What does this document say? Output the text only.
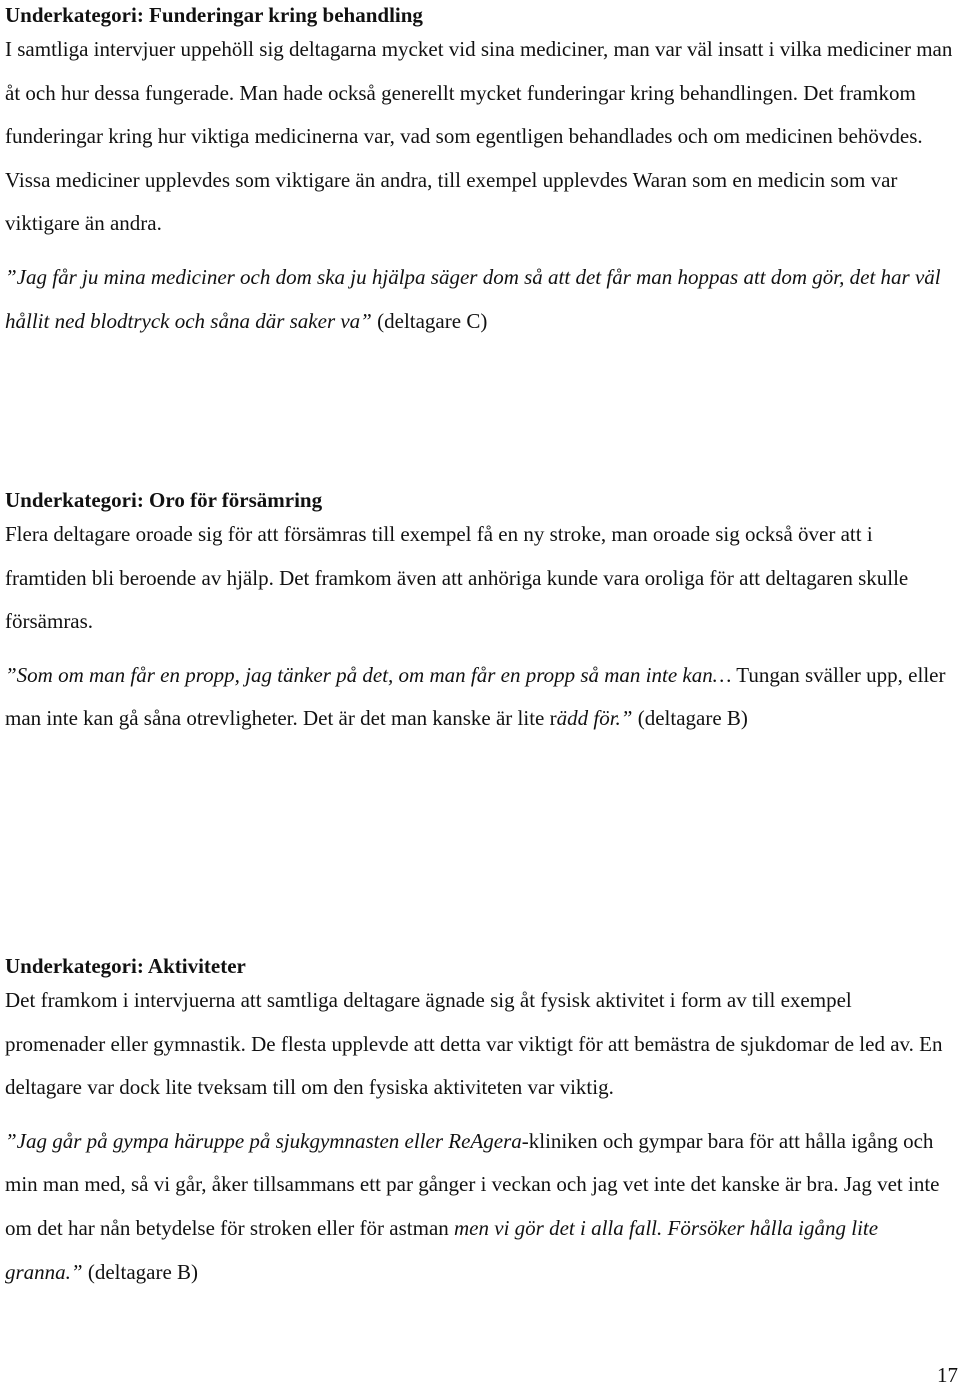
Underkategori: Funderingar kring behandling

I samtliga intervjuer uppehöll sig deltagarna mycket vid sina mediciner, man var väl insatt i vilka mediciner man åt och hur dessa fungerade. Man hade också generellt mycket funderingar kring behandlingen. Det framkom funderingar kring hur viktiga medicinerna var, vad som egentligen behandlades och om medicinen behövdes. Vissa mediciner upplevdes som viktigare än andra, till exempel upplevdes Waran som en medicin som var viktigare än andra.

”Jag får ju mina mediciner och dom ska ju hjälpa säger dom så att det får man hoppas att dom gör, det har väl hållit ned blodtryck och såna där saker va” (deltagare C)

Underkategori: Oro för försämring

Flera deltagare oroade sig för att försämras till exempel få en ny stroke, man oroade sig också över att i framtiden bli beroende av hjälp. Det framkom även att anhöriga kunde vara oroliga för att deltagaren skulle försämras.

”Som om man får en propp, jag tänker på det, om man får en propp så man inte kan… Tungan sväller upp, eller man inte kan gå såna otrevligheter. Det är det man kanske är lite rädd för.” (deltagare B)

Underkategori: Aktiviteter

Det framkom i intervjuerna att samtliga deltagare ägnade sig åt fysisk aktivitet i form av till exempel promenader eller gymnastik. De flesta upplevde att detta var viktigt för att bemästra de sjukdomar de led av. En deltagare var dock lite tveksam till om den fysiska aktiviteten var viktig.

”Jag går på gympa häruppe på sjukgymnasten eller ReAgera-kliniken och gympar bara för att hålla igång och min man med, så vi går, åker tillsammans ett par gånger i veckan och jag vet inte det kanske är bra. Jag vet inte om det har nån betydelse för stroken eller för astman men vi gör det i alla fall. Försöker hålla igång lite granna.” (deltagare B)

17
